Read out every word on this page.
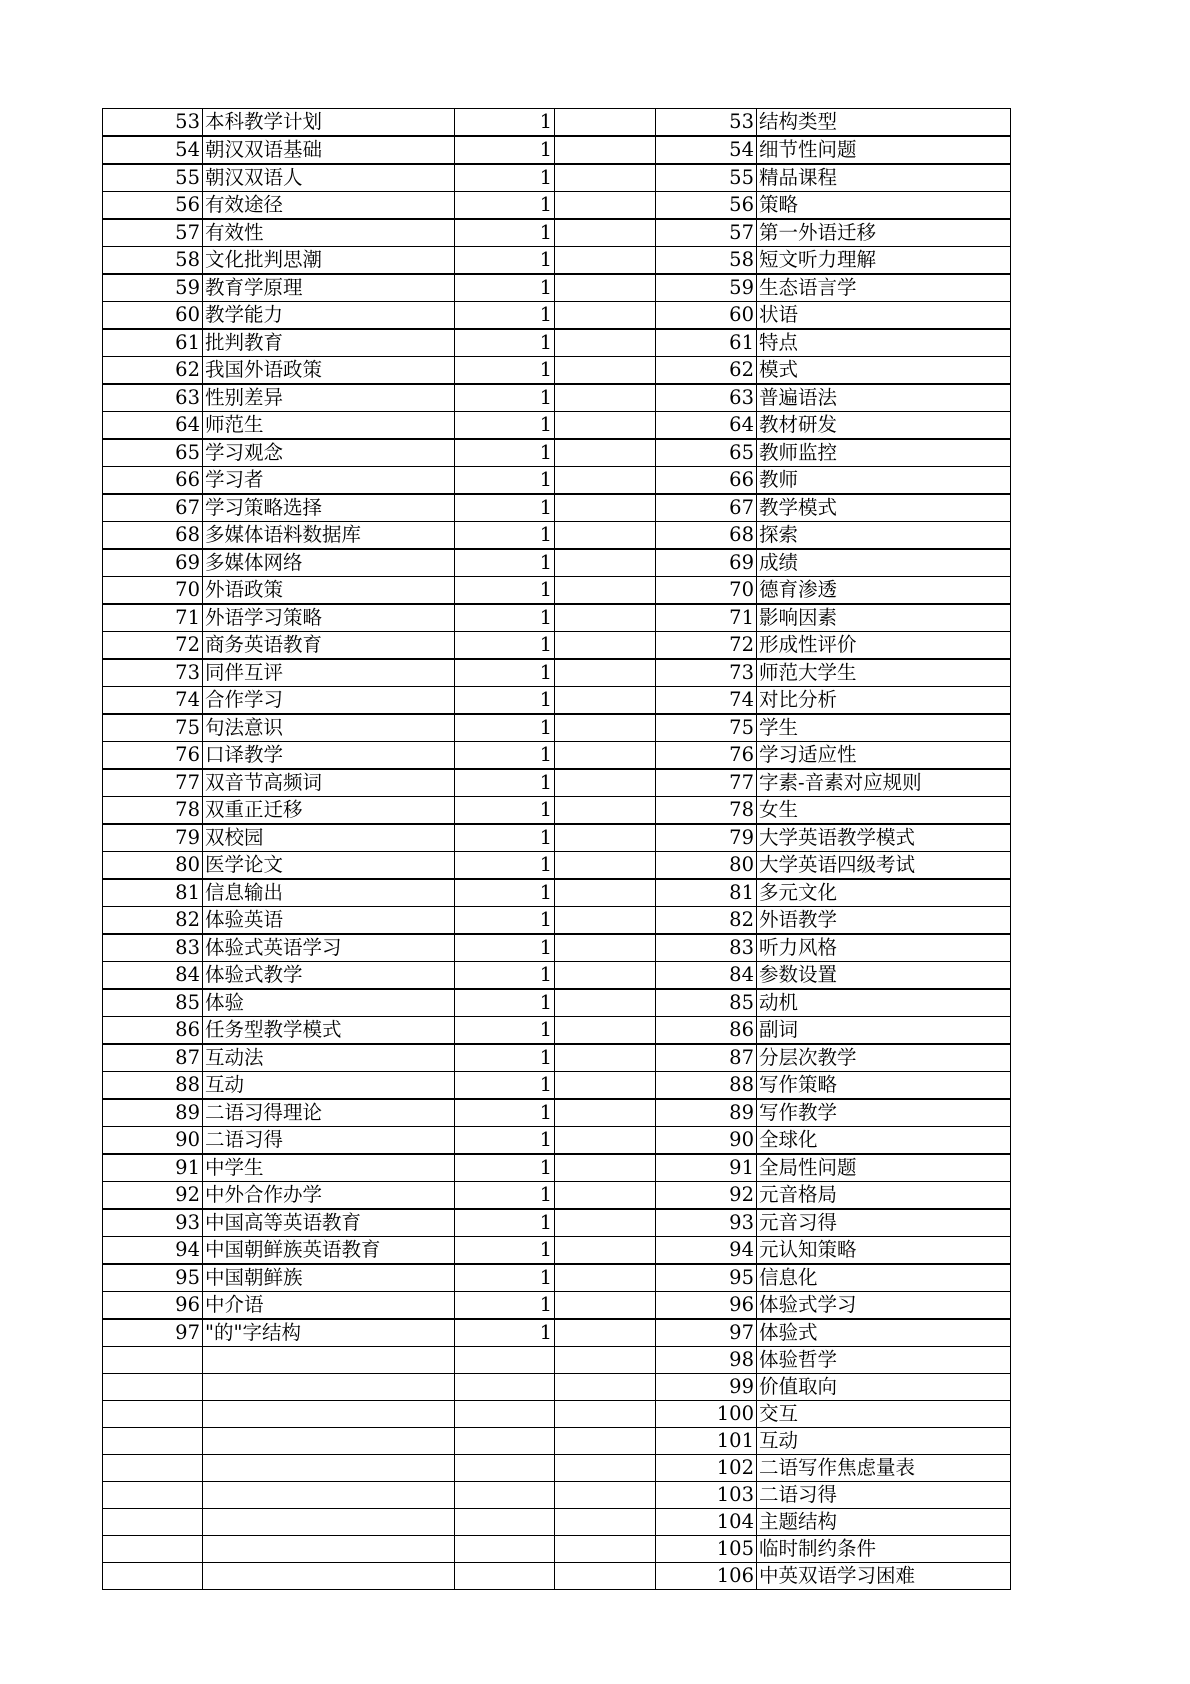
53	本科教学计划	1		53	结构类型
54	朝汉双语基础	1		54	细节性问题
55	朝汉双语人	1		55	精品课程
56	有效途径	1		56	策略
57	有效性	1		57	第一外语迁移
58	文化批判思潮	1		58	短文听力理解
59	教育学原理	1		59	生态语言学
60	教学能力	1		60	状语
61	批判教育	1		61	特点
62	我国外语政策	1		62	模式
63	性别差异	1		63	普遍语法
64	师范生	1		64	教材研发
65	学习观念	1		65	教师监控
66	学习者	1		66	教师
67	学习策略选择	1		67	教学模式
68	多媒体语料数据库	1		68	探索
69	多媒体网络	1		69	成绩
70	外语政策	1		70	德育渗透
71	外语学习策略	1		71	影响因素
72	商务英语教育	1		72	形成性评价
73	同伴互评	1		73	师范大学生
74	合作学习	1		74	对比分析
75	句法意识	1		75	学生
76	口译教学	1		76	学习适应性
77	双音节高频词	1		77	字素-音素对应规则
78	双重正迁移	1		78	女生
79	双校园	1		79	大学英语教学模式
80	医学论文	1		80	大学英语四级考试
81	信息输出	1		81	多元文化
82	体验英语	1		82	外语教学
83	体验式英语学习	1		83	听力风格
84	体验式教学	1		84	参数设置
85	体验	1		85	动机
86	任务型教学模式	1		86	副词
87	互动法	1		87	分层次教学
88	互动	1		88	写作策略
89	二语习得理论	1		89	写作教学
90	二语习得	1		90	全球化
91	中学生	1		91	全局性问题
92	中外合作办学	1		92	元音格局
93	中国高等英语教育	1		93	元音习得
94	中国朝鲜族英语教育	1		94	元认知策略
95	中国朝鲜族	1		95	信息化
96	中介语	1		96	体验式学习
97	"的"字结构	1		97	体验式
				98	体验哲学
				99	价值取向
				100	交互
				101	互动
				102	二语写作焦虑量表
				103	二语习得
				104	主题结构
				105	临时制约条件
				106	中英双语学习困难
